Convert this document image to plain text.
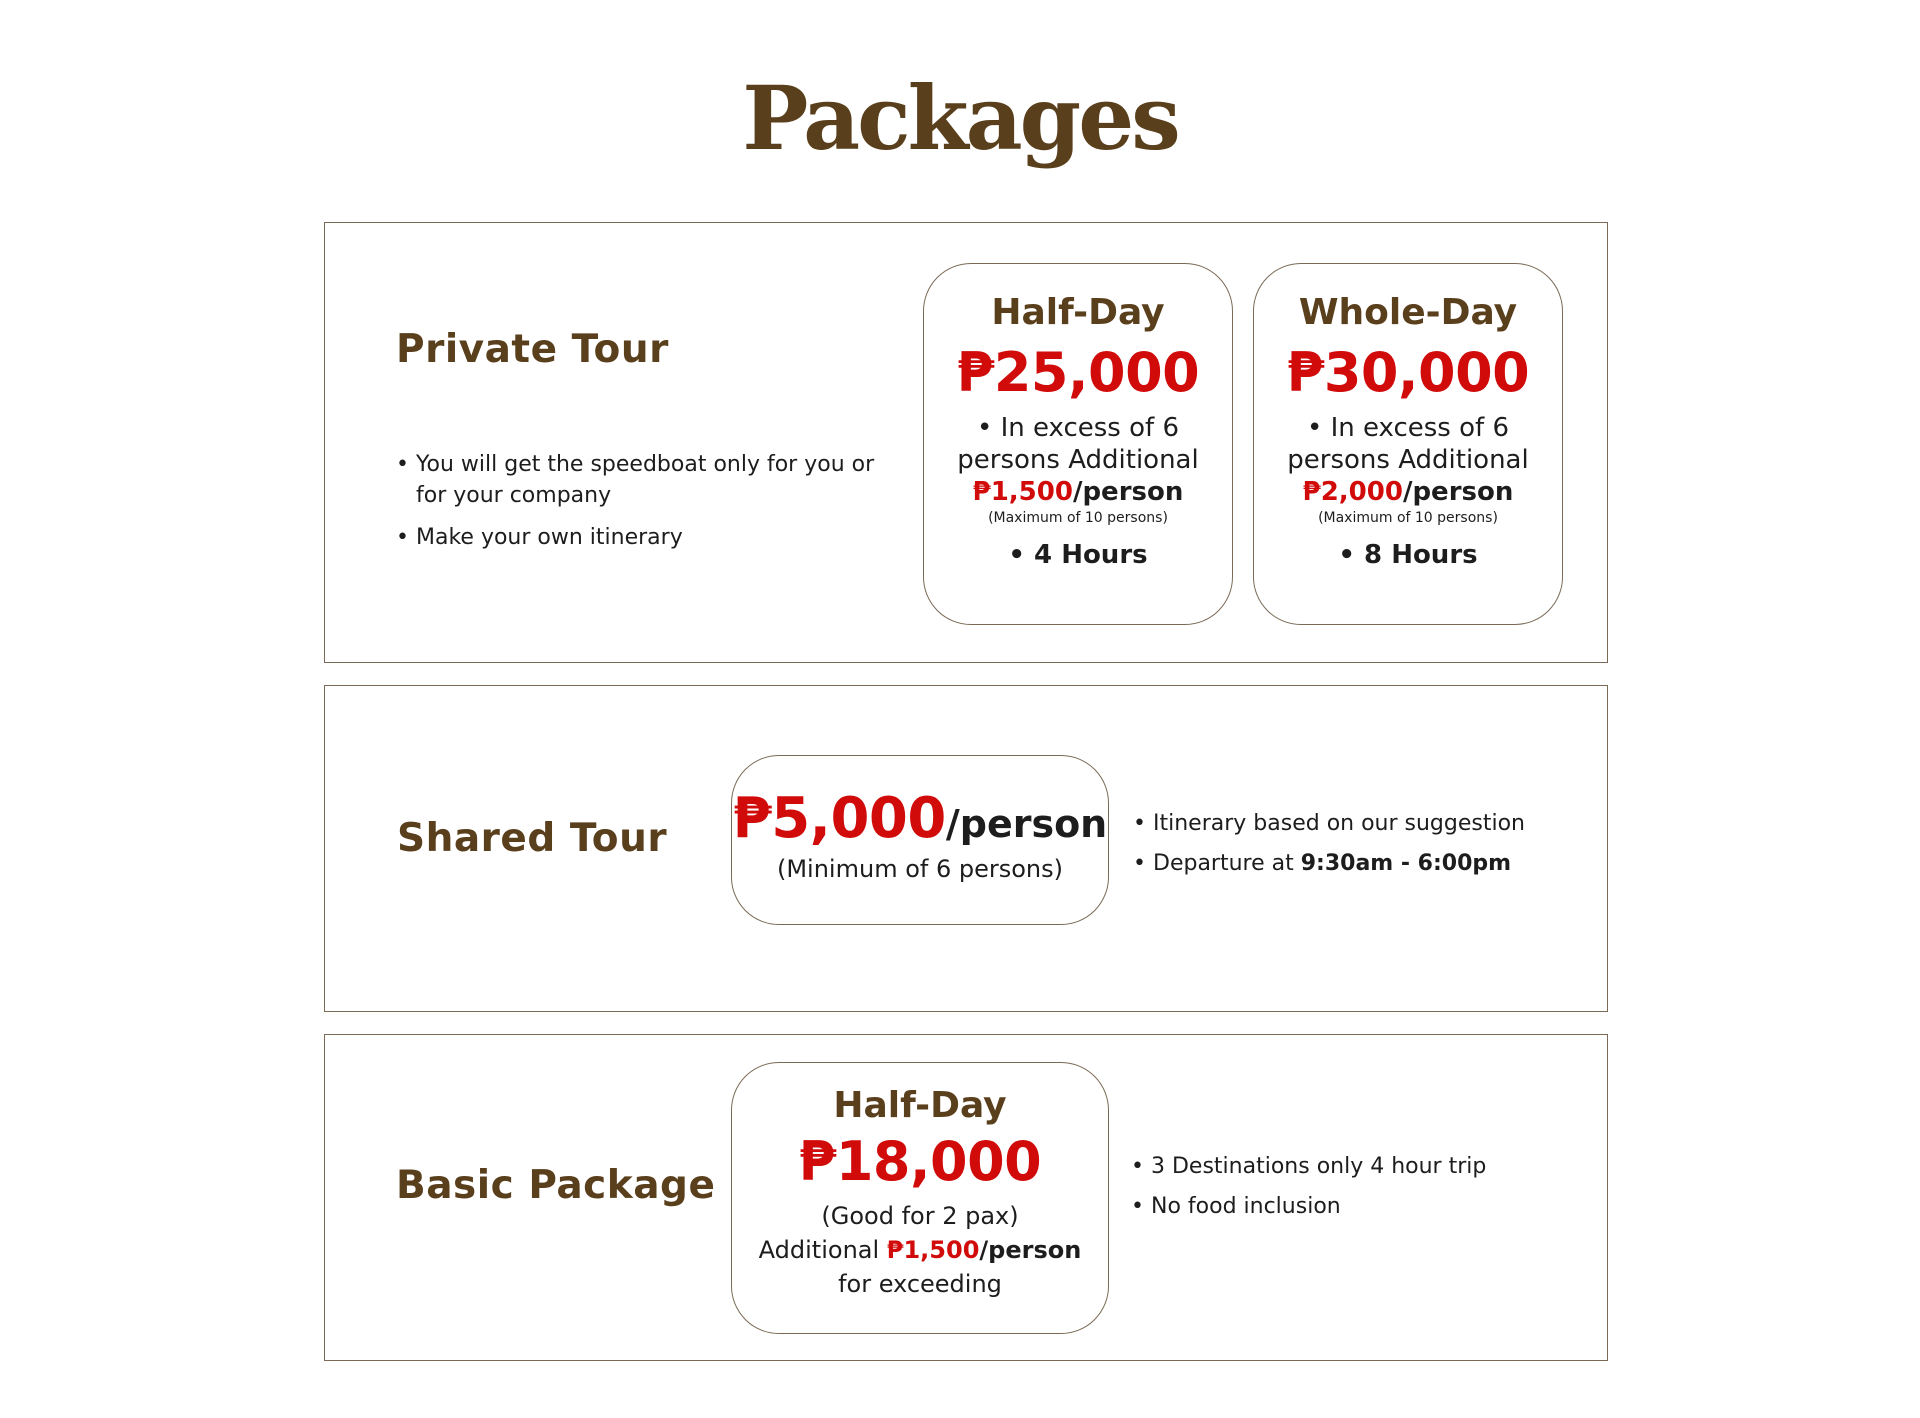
Packages
Private Tour
• You will get the speedboat only for you or for your company
• Make your own itinerary
Half-Day
₱25,000
• In excess of 6 persons Additional
₱1,500/person
(Maximum of 10 persons)
• 4 Hours
Whole-Day
₱30,000
• In excess of 6 persons Additional
₱2,000/person
(Maximum of 10 persons)
• 8 Hours
Shared Tour ₱5,000/person
(Minimum of 6 persons)
• Itinerary based on our suggestion
• Departure at 9:30am - 6:00pm
Basic Package
Half-Day
₱18,000
(Good for 2 pax)
Additional ₱1,500/person
for exceeding
• 3 Destinations only 4 hour trip
• No food inclusion
